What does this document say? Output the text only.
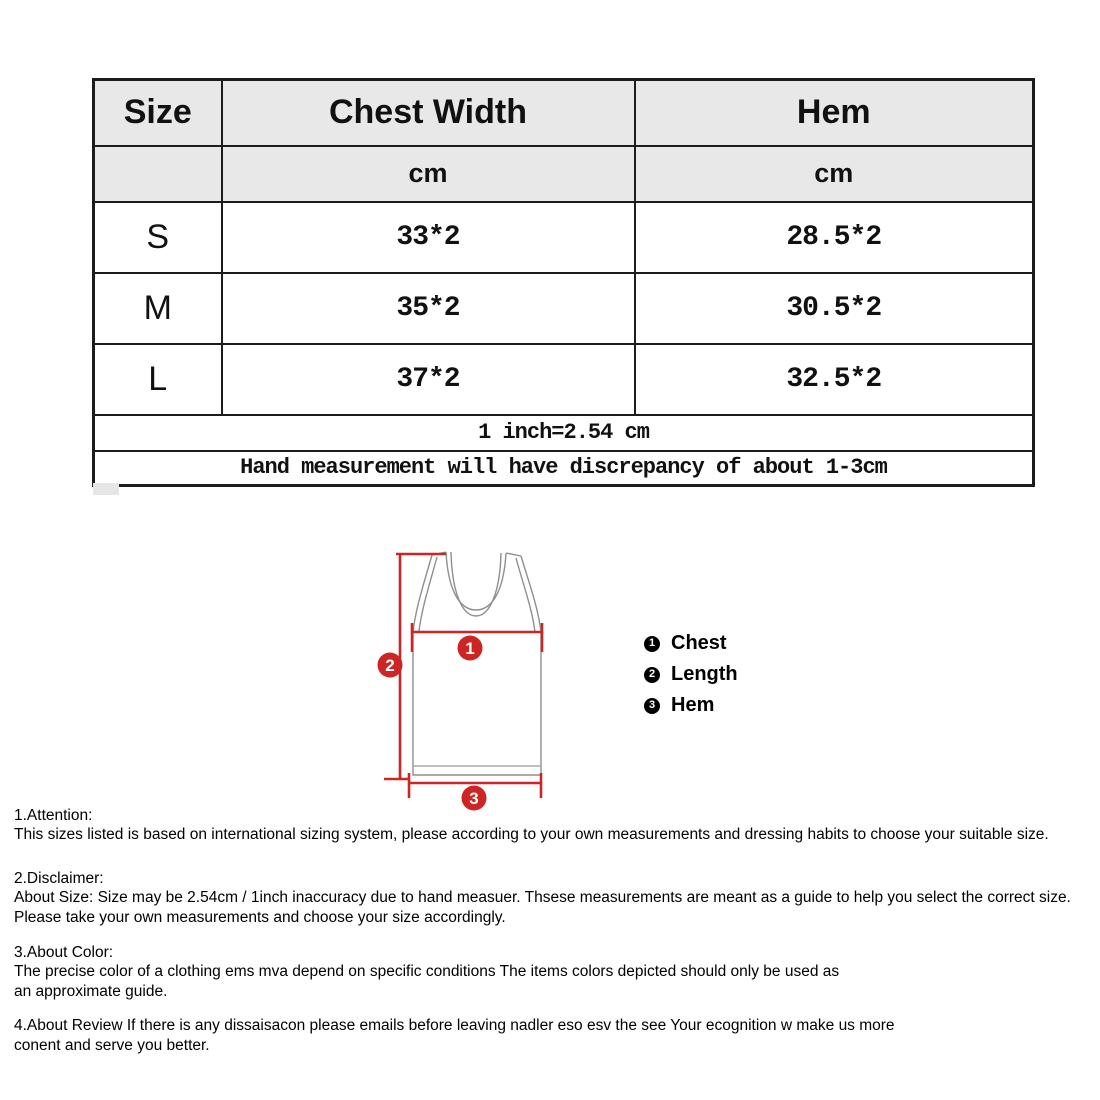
Size	Chest Width	Hem
	cm	cm
S	33*2	28.5*2
M	35*2	30.5*2
L	37*2	32.5*2
1 inch=2.54 cm		
Hand measurement will have discrepancy of about 1-3cm		
1
2
3
1 Chest
2 Length
3 Hem
1.Attention:
This sizes listed is based on international sizing system, please according to your own measurements and dressing habits to choose your suitable size.
2.Disclaimer:
About Size: Size may be 2.54cm / 1inch inaccuracy due to hand measuer. Thsese measurements are meant as a guide to help you select the correct size.
Please take your own measurements and choose your size accordingly.
3.About Color:
The precise color of a clothing ems mva depend on specific conditions The items colors depicted should only be used as
an approximate guide.
4.About Review If there is any dissaisacon please emails before leaving nadler eso esv the see Your ecognition w make us more
conent and serve you better.
